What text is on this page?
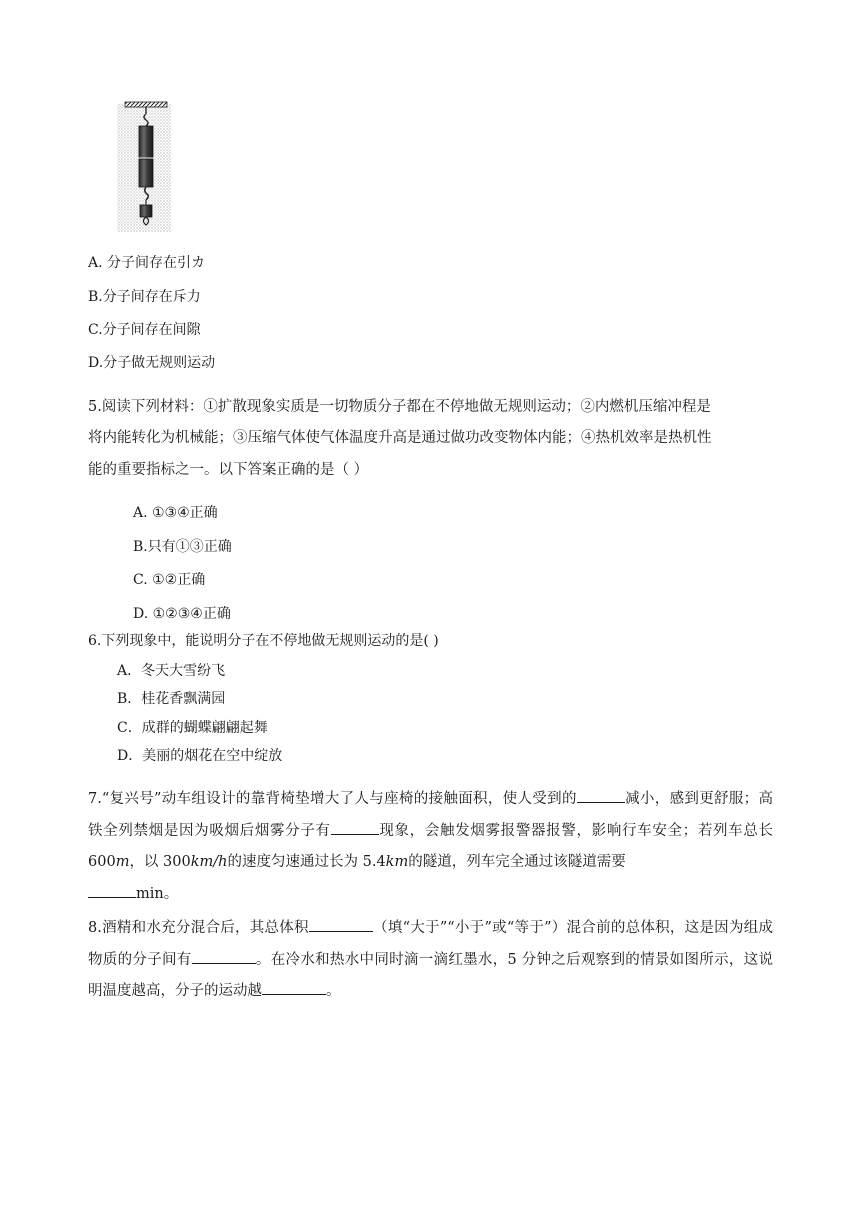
A. 分子间存在引カ
B.分子间存在斥力
C.分子间存在间隙
D.分子做无规则运动
5.阅读下列材料：①扩散现象实质是一切物质分子都在不停地做无规则运动；②内燃机压缩冲程是
将内能转化为机械能；③压缩气体使气体温度升高是通过做功改变物体内能；④热机效率是热机性
能的重要指标之一。以下答案正确的是（ ）
A. ①③④正确
B.只有①③正确
C. ①②正确
D. ①②③④正确
6.下列现象中，能说明分子在不停地做无规则运动的是( )
A．冬天大雪纷飞
B．桂花香飘满园
C．成群的蝴蝶翩翩起舞
D．美丽的烟花在空中绽放
7.“复兴号”动车组设计的靠背椅垫增大了人与座椅的接触面积，使人受到的	减小，感到更舒服；高铁全列禁烟是因为吸烟后烟雾分子有	现象，会触发烟雾报警器报警，影响行车安全；若列车总长600m，以 300km/h的速度匀速通过长为 5.4km的隧道，列车完全通过该隧道需要
min。
8.酒精和水充分混合后，其总体积	（填“大于”“小于”或“等于”）混合前的总体积，这是因为组成物质的分子间有	。在冷水和热水中同时滴一滴红墨水，5 分钟之后观察到的情景如图所示，这说明温度越高，分子的运动越	。
